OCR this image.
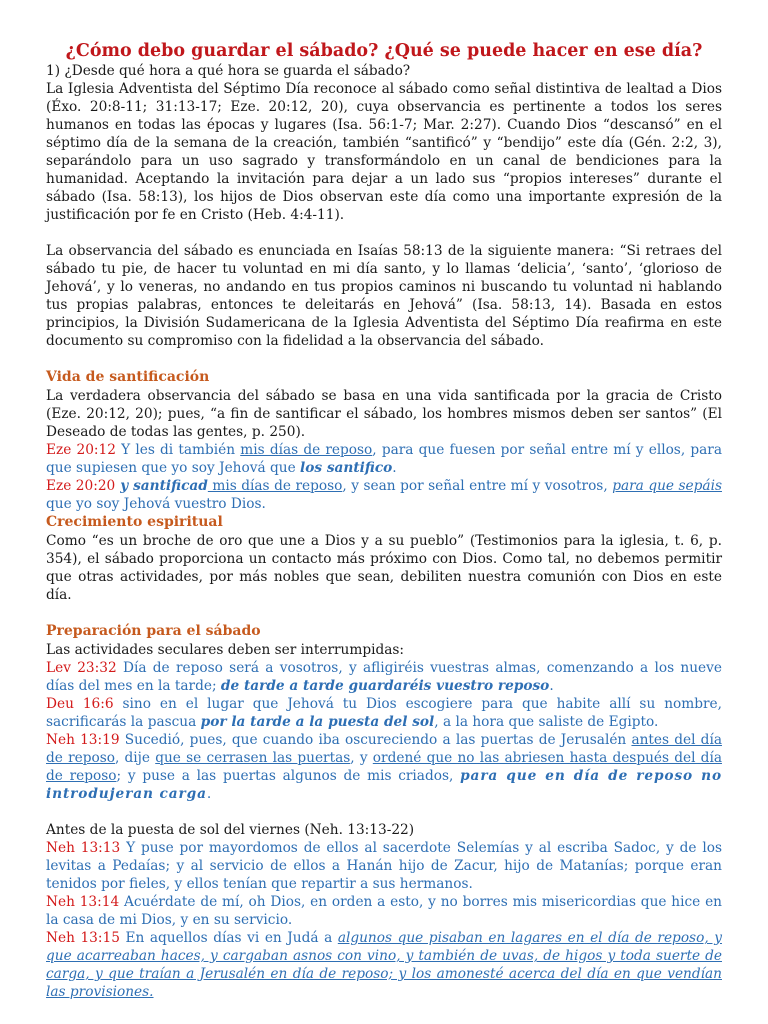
¿Cómo debo guardar el sábado? ¿Qué se puede hacer en ese día?

1) ¿Desde qué hora a qué hora se guarda el sábado?

La Iglesia Adventista del Séptimo Día reconoce al sábado como señal distintiva de lealtad a Dios (Éxo. 20:8-11; 31:13-17; Eze. 20:12, 20), cuya observancia es pertinente a todos los seres humanos en todas las épocas y lugares (Isa. 56:1-7; Mar. 2:27). Cuando Dios “descansó” en el séptimo día de la semana de la creación, también “santificó” y “bendijo” este día (Gén. 2:2, 3), separándolo para un uso sagrado y transformándolo en un canal de bendiciones para la humanidad. Aceptando la invitación para dejar a un lado sus “propios intereses” durante el sábado (Isa. 58:13), los hijos de Dios observan este día como una importante expresión de la justificación por fe en Cristo (Heb. 4:4-11).

La observancia del sábado es enunciada en Isaías 58:13 de la siguiente manera: “Si retraes del sábado tu pie, de hacer tu voluntad en mi día santo, y lo llamas ‘delicia’, ‘santo’, ‘glorioso de Jehová’, y lo veneras, no andando en tus propios caminos ni buscando tu voluntad ni hablando tus propias palabras, entonces te deleitarás en Jehová” (Isa. 58:13, 14). Basada en estos principios, la División Sudamericana de la Iglesia Adventista del Séptimo Día reafirma en este documento su compromiso con la fidelidad a la observancia del sábado.

Vida de santificación

La verdadera observancia del sábado se basa en una vida santificada por la gracia de Cristo (Eze. 20:12, 20); pues, “a fin de santificar el sábado, los hombres mismos deben ser santos” (El Deseado de todas las gentes, p. 250).

Eze 20:12 Y les di también mis días de reposo, para que fuesen por señal entre mí y ellos, para que supiesen que yo soy Jehová que los santifico.

Eze 20:20 y santificad mis días de reposo, y sean por señal entre mí y vosotros, para que sepáis que yo soy Jehová vuestro Dios.

Crecimiento espiritual

Como “es un broche de oro que une a Dios y a su pueblo” (Testimonios para la iglesia, t. 6, p. 354), el sábado proporciona un contacto más próximo con Dios. Como tal, no debemos permitir que otras actividades, por más nobles que sean, debiliten nuestra comunión con Dios en este día.

Preparación para el sábado

Las actividades seculares deben ser interrumpidas:

Lev 23:32 Día de reposo será a vosotros, y afligiréis vuestras almas, comenzando a los nueve días del mes en la tarde; de tarde a tarde guardaréis vuestro reposo.

Deu 16:6 sino en el lugar que Jehová tu Dios escogiere para que habite allí su nombre, sacrificarás la pascua por la tarde a la puesta del sol, a la hora que saliste de Egipto.

Neh 13:19 Sucedió, pues, que cuando iba oscureciendo a las puertas de Jerusalén antes del día de reposo, dije que se cerrasen las puertas, y ordené que no las abriesen hasta después del día de reposo; y puse a las puertas algunos de mis criados, para que en día de reposo no introdujeran carga.

Antes de la puesta de sol del viernes (Neh. 13:13-22)

Neh 13:13 Y puse por mayordomos de ellos al sacerdote Selemías y al escriba Sadoc, y de los levitas a Pedaías; y al servicio de ellos a Hanán hijo de Zacur, hijo de Matanías; porque eran tenidos por fieles, y ellos tenían que repartir a sus hermanos.

Neh 13:14 Acuérdate de mí, oh Dios, en orden a esto, y no borres mis misericordias que hice en la casa de mi Dios, y en su servicio.

Neh 13:15 En aquellos días vi en Judá a algunos que pisaban en lagares en el día de reposo, y que acarreaban haces, y cargaban asnos con vino, y también de uvas, de higos y toda suerte de carga, y que traían a Jerusalén en día de reposo; y los amonesté acerca del día en que vendían las provisiones.
